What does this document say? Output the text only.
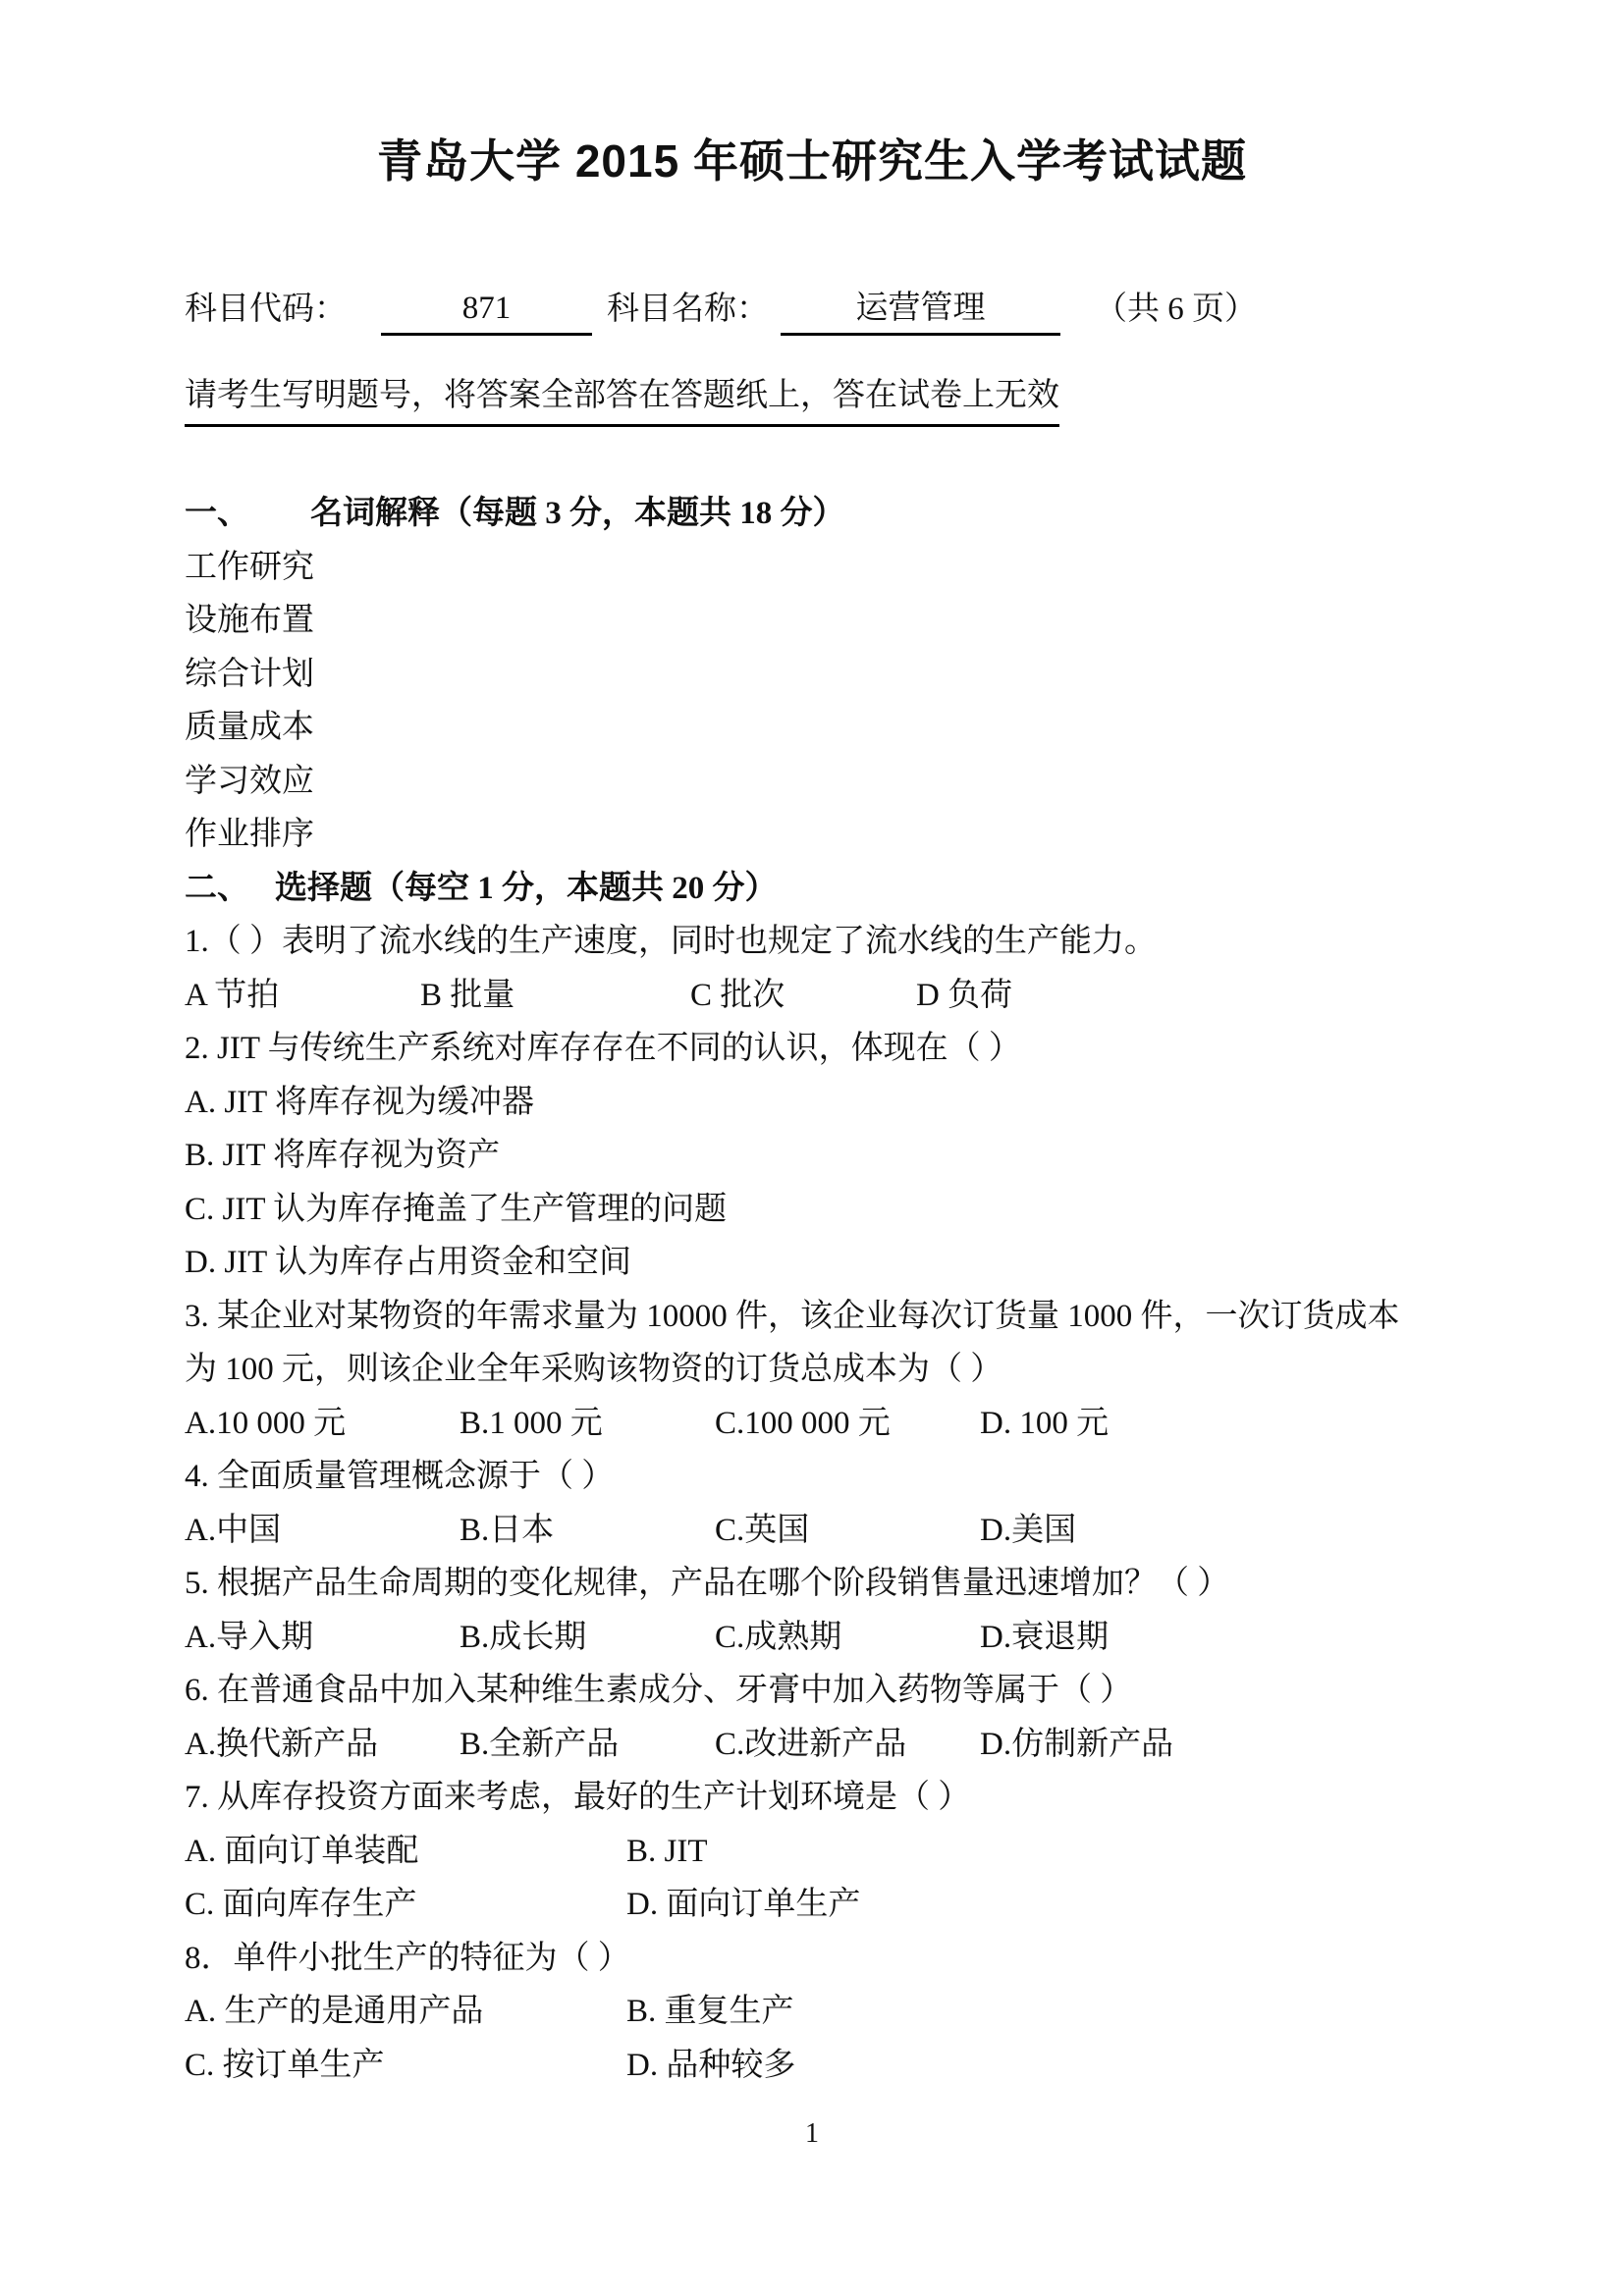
青岛大学 2015 年硕士研究生入学考试试题
科目代码：	871	科目名称：	运营管理	（共 6 页）
请考生写明题号，将答案全部答在答题纸上，答在试卷上无效
一、 名词解释（每题 3 分，本题共 18 分）
工作研究
设施布置
综合计划
质量成本
学习效应
作业排序
二、 选择题（每空 1 分，本题共 20 分）
1.（ ）表明了流水线的生产速度，同时也规定了流水线的生产能力。
A 节拍	B 批量	C 批次	D 负荷
2. JIT 与传统生产系统对库存存在不同的认识，体现在（ ）
A. JIT 将库存视为缓冲器
B. JIT 将库存视为资产
C. JIT 认为库存掩盖了生产管理的问题
D. JIT 认为库存占用资金和空间
3. 某企业对某物资的年需求量为 10000 件，该企业每次订货量 1000 件，一次订货成本
为 100 元，则该企业全年采购该物资的订货总成本为（ ）
A.10 000 元	B.1 000 元	C.100 000 元	D. 100 元
4. 全面质量管理概念源于（ ）
A.中国	B.日本	C.英国	D.美国
5. 根据产品生命周期的变化规律，产品在哪个阶段销售量迅速增加？（ ）
A.导入期	B.成长期	C.成熟期	D.衰退期
6. 在普通食品中加入某种维生素成分、牙膏中加入药物等属于（ ）
A.换代新产品	B.全新产品	C.改进新产品 D.仿制新产品
7. 从库存投资方面来考虑，最好的生产计划环境是（ ）
A. 面向订单装配	B. JIT
C. 面向库存生产	D. 面向订单生产
8．单件小批生产的特征为（ ）
A. 生产的是通用产品	B. 重复生产
C. 按订单生产	D. 品种较多
1
